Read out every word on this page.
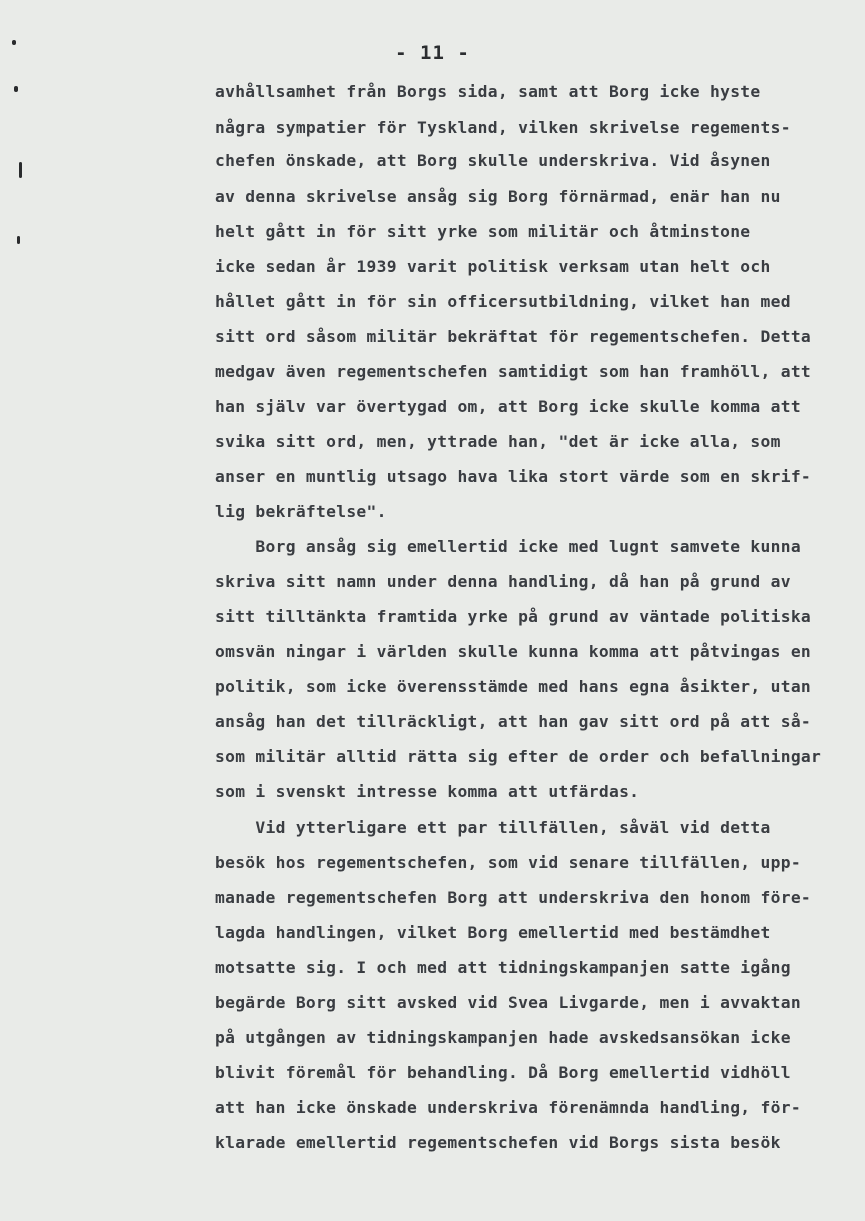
- 11 -
avhållsamhet från Borgs sida, samt att Borg icke hyste
några sympatier för Tyskland, vilken skrivelse regements-
chefen önskade, att Borg skulle underskriva. Vid åsynen
av denna skrivelse ansåg sig Borg förnärmad, enär han nu
helt gått in för sitt yrke som militär och åtminstone
icke sedan år 1939 varit politisk verksam utan helt och
hållet gått in för sin officersutbildning, vilket han med
sitt ord såsom militär bekräftat för regementschefen. Detta
medgav även regementschefen samtidigt som han framhöll, att
han själv var övertygad om, att Borg icke skulle komma att
svika sitt ord, men, yttrade han, "det är icke alla, som
anser en muntlig utsago hava lika stort värde som en skrif-
lig bekräftelse".
Borg ansåg sig emellertid icke med lugnt samvete kunna
skriva sitt namn under denna handling, då han på grund av
sitt tilltänkta framtida yrke på grund av väntade politiska
omsvän ningar i världen skulle kunna komma att påtvingas en
politik, som icke överensstämde med hans egna åsikter, utan
ansåg han det tillräckligt, att han gav sitt ord på att så-
som militär alltid rätta sig efter de order och befallningar
som i svenskt intresse komma att utfärdas.
Vid ytterligare ett par tillfällen, såväl vid detta
besök hos regementschefen, som vid senare tillfällen, upp-
manade regementschefen Borg att underskriva den honom före-
lagda handlingen, vilket Borg emellertid med bestämdhet
motsatte sig. I och med att tidningskampanjen satte igång
begärde Borg sitt avsked vid Svea Livgarde, men i avvaktan
på utgången av tidningskampanjen hade avskedsansökan icke
blivit föremål för behandling. Då Borg emellertid vidhöll
att han icke önskade underskriva förenämnda handling, för-
klarade emellertid regementschefen vid Borgs sista besök
